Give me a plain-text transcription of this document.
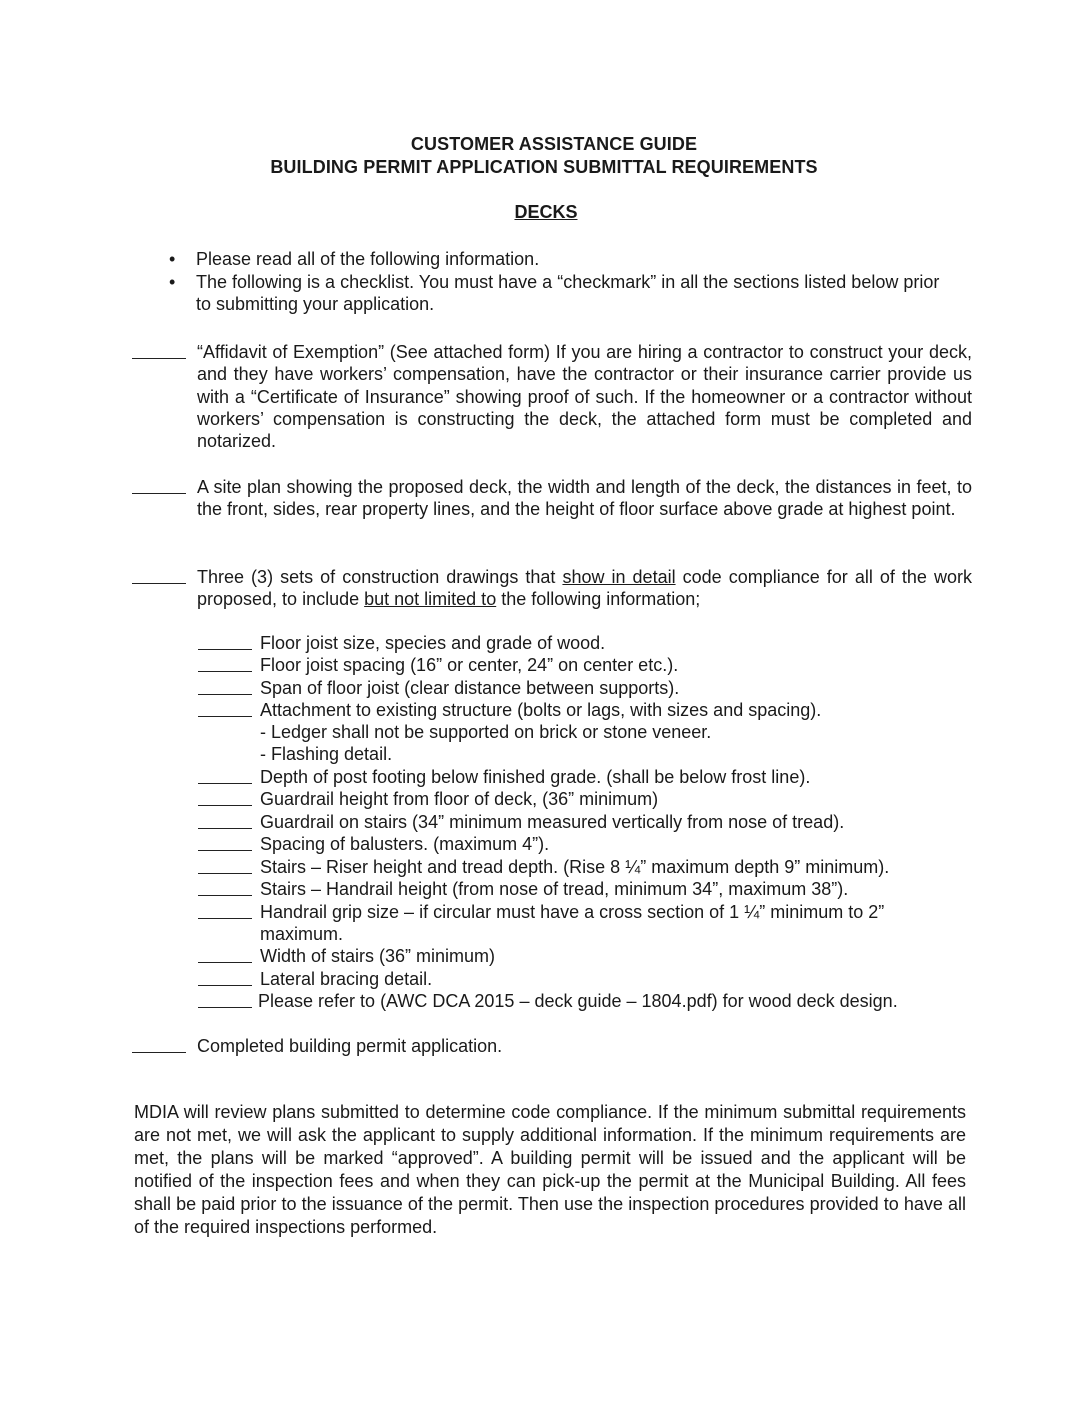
CUSTOMER ASSISTANCE GUIDE
BUILDING PERMIT APPLICATION SUBMITTAL REQUIREMENTS
DECKS
• Please read all of the following information.
• The following is a checklist. You must have a “checkmark” in all the sections listed below prior to submitting your application.
“Affidavit of Exemption” (See attached form) If you are hiring a contractor to construct your deck, and they have workers’ compensation, have the contractor or their insurance carrier provide us with a “Certificate of Insurance” showing proof of such. If the homeowner or a contractor without workers’ compensation is constructing the deck, the attached form must be completed and notarized.
A site plan showing the proposed deck, the width and length of the deck, the distances in feet, to the front, sides, rear property lines, and the height of floor surface above grade at highest point.
Three (3) sets of construction drawings that show in detail code compliance for all of the work proposed, to include but not limited to the following information;
Floor joist size, species and grade of wood.
Floor joist spacing (16” or center, 24” on center etc.).
Span of floor joist (clear distance between supports).
Attachment to existing structure (bolts or lags, with sizes and spacing).
- Ledger shall not be supported on brick or stone veneer.
- Flashing detail.
Depth of post footing below finished grade. (shall be below frost line).
Guardrail height from floor of deck, (36” minimum)
Guardrail on stairs (34” minimum measured vertically from nose of tread).
Spacing of balusters. (maximum 4”).
Stairs – Riser height and tread depth. (Rise 8 ¼” maximum depth 9” minimum).
Stairs – Handrail height (from nose of tread, minimum 34”, maximum 38”).
Handrail grip size – if circular must have a cross section of 1 ¼” minimum to 2” maximum.
Width of stairs (36” minimum)
Lateral bracing detail.
Please refer to (AWC DCA 2015 – deck guide – 1804.pdf) for wood deck design.
Completed building permit application.
MDIA will review plans submitted to determine code compliance. If the minimum submittal requirements are not met, we will ask the applicant to supply additional information. If the minimum requirements are met, the plans will be marked “approved”. A building permit will be issued and the applicant will be notified of the inspection fees and when they can pick-up the permit at the Municipal Building. All fees shall be paid prior to the issuance of the permit. Then use the inspection procedures provided to have all of the required inspections performed.
